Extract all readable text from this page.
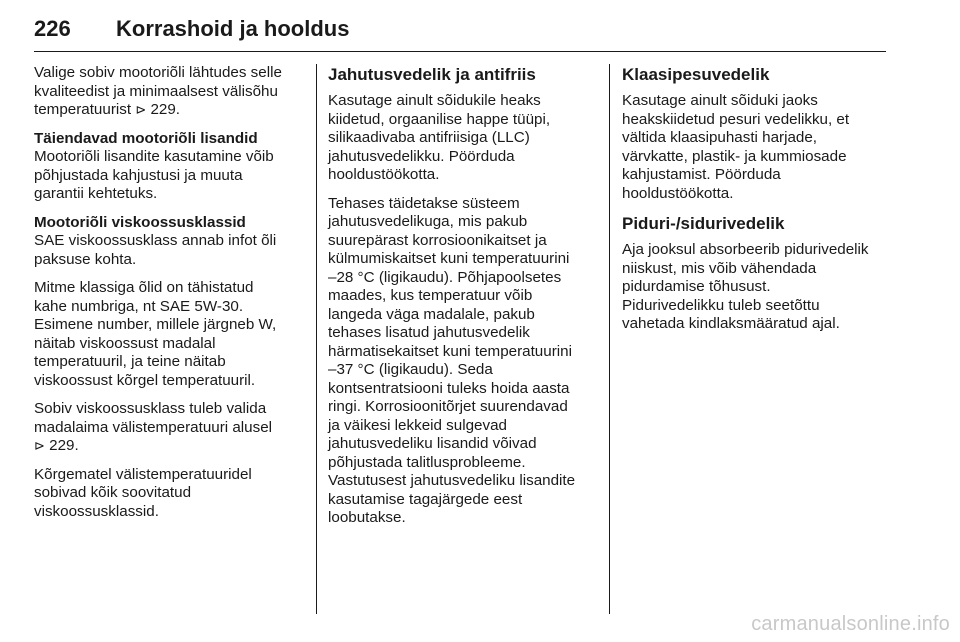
226 Korrashoid ja hooldus

Valige sobiv mootoriõli lähtudes selle
kvaliteedist ja minimaalsest välisõhu
temperatuurist ⊳ 229.

Täiendavad mootoriõli lisandid

Mootoriõli lisandite kasutamine võib
põhjustada kahjustusi ja muuta
garantii kehtetuks.

Mootoriõli viskoossusklassid

SAE viskoossusklass annab infot õli
paksuse kohta.

Mitme klassiga õlid on tähistatud
kahe numbriga, nt SAE 5W-30.
Esimene number, millele järgneb W,
näitab viskoossust madalal
temperatuuril, ja teine näitab
viskoossust kõrgel temperatuuril.

Sobiv viskoossusklass tuleb valida
madalaima välistemperatuuri alusel
⊳ 229.

Kõrgematel välistemperatuuridel
sobivad kõik soovitatud
viskoossusklassid.

Jahutusvedelik ja antifriis

Kasutage ainult sõidukile heaks
kiidetud, orgaanilise happe tüüpi,
silikaadivaba antifriisiga (LLC)
jahutusvedelikku. Pöörduda
hooldustöökotta.

Tehases täidetakse süsteem
jahutusvedelikuga, mis pakub
suurepärast korrosioonikaitset ja
külmumiskaitset kuni temperatuurini
‒28 °C (ligikaudu). Põhjapoolsetes
maades, kus temperatuur võib
langeda väga madalale, pakub
tehases lisatud jahutusvedelik
härmatisekaitset kuni temperatuurini
‒37 °C (ligikaudu). Seda
kontsentratsiooni tuleks hoida aasta
ringi. Korrosioonitõrjet suurendavad
ja väikesi lekkeid sulgevad
jahutusvedeliku lisandid võivad
põhjustada talitlusprobleeme.
Vastutusest jahutusvedeliku lisandite
kasutamise tagajärgede eest
loobutakse.

Klaasipesuvedelik

Kasutage ainult sõiduki jaoks
heakskiidetud pesuri vedelikku, et
vältida klaasipuhasti harjade,
värvkatte, plastik- ja kummiosade
kahjustamist. Pöörduda
hooldustöökotta.

Piduri-/sidurivedelik

Aja jooksul absorbeerib pidurivedelik
niiskust, mis võib vähendada
pidurdamise tõhusust.
Pidurivedelikku tuleb seetõttu
vahetada kindlaksmääratud ajal.

carmanualsonline.info
